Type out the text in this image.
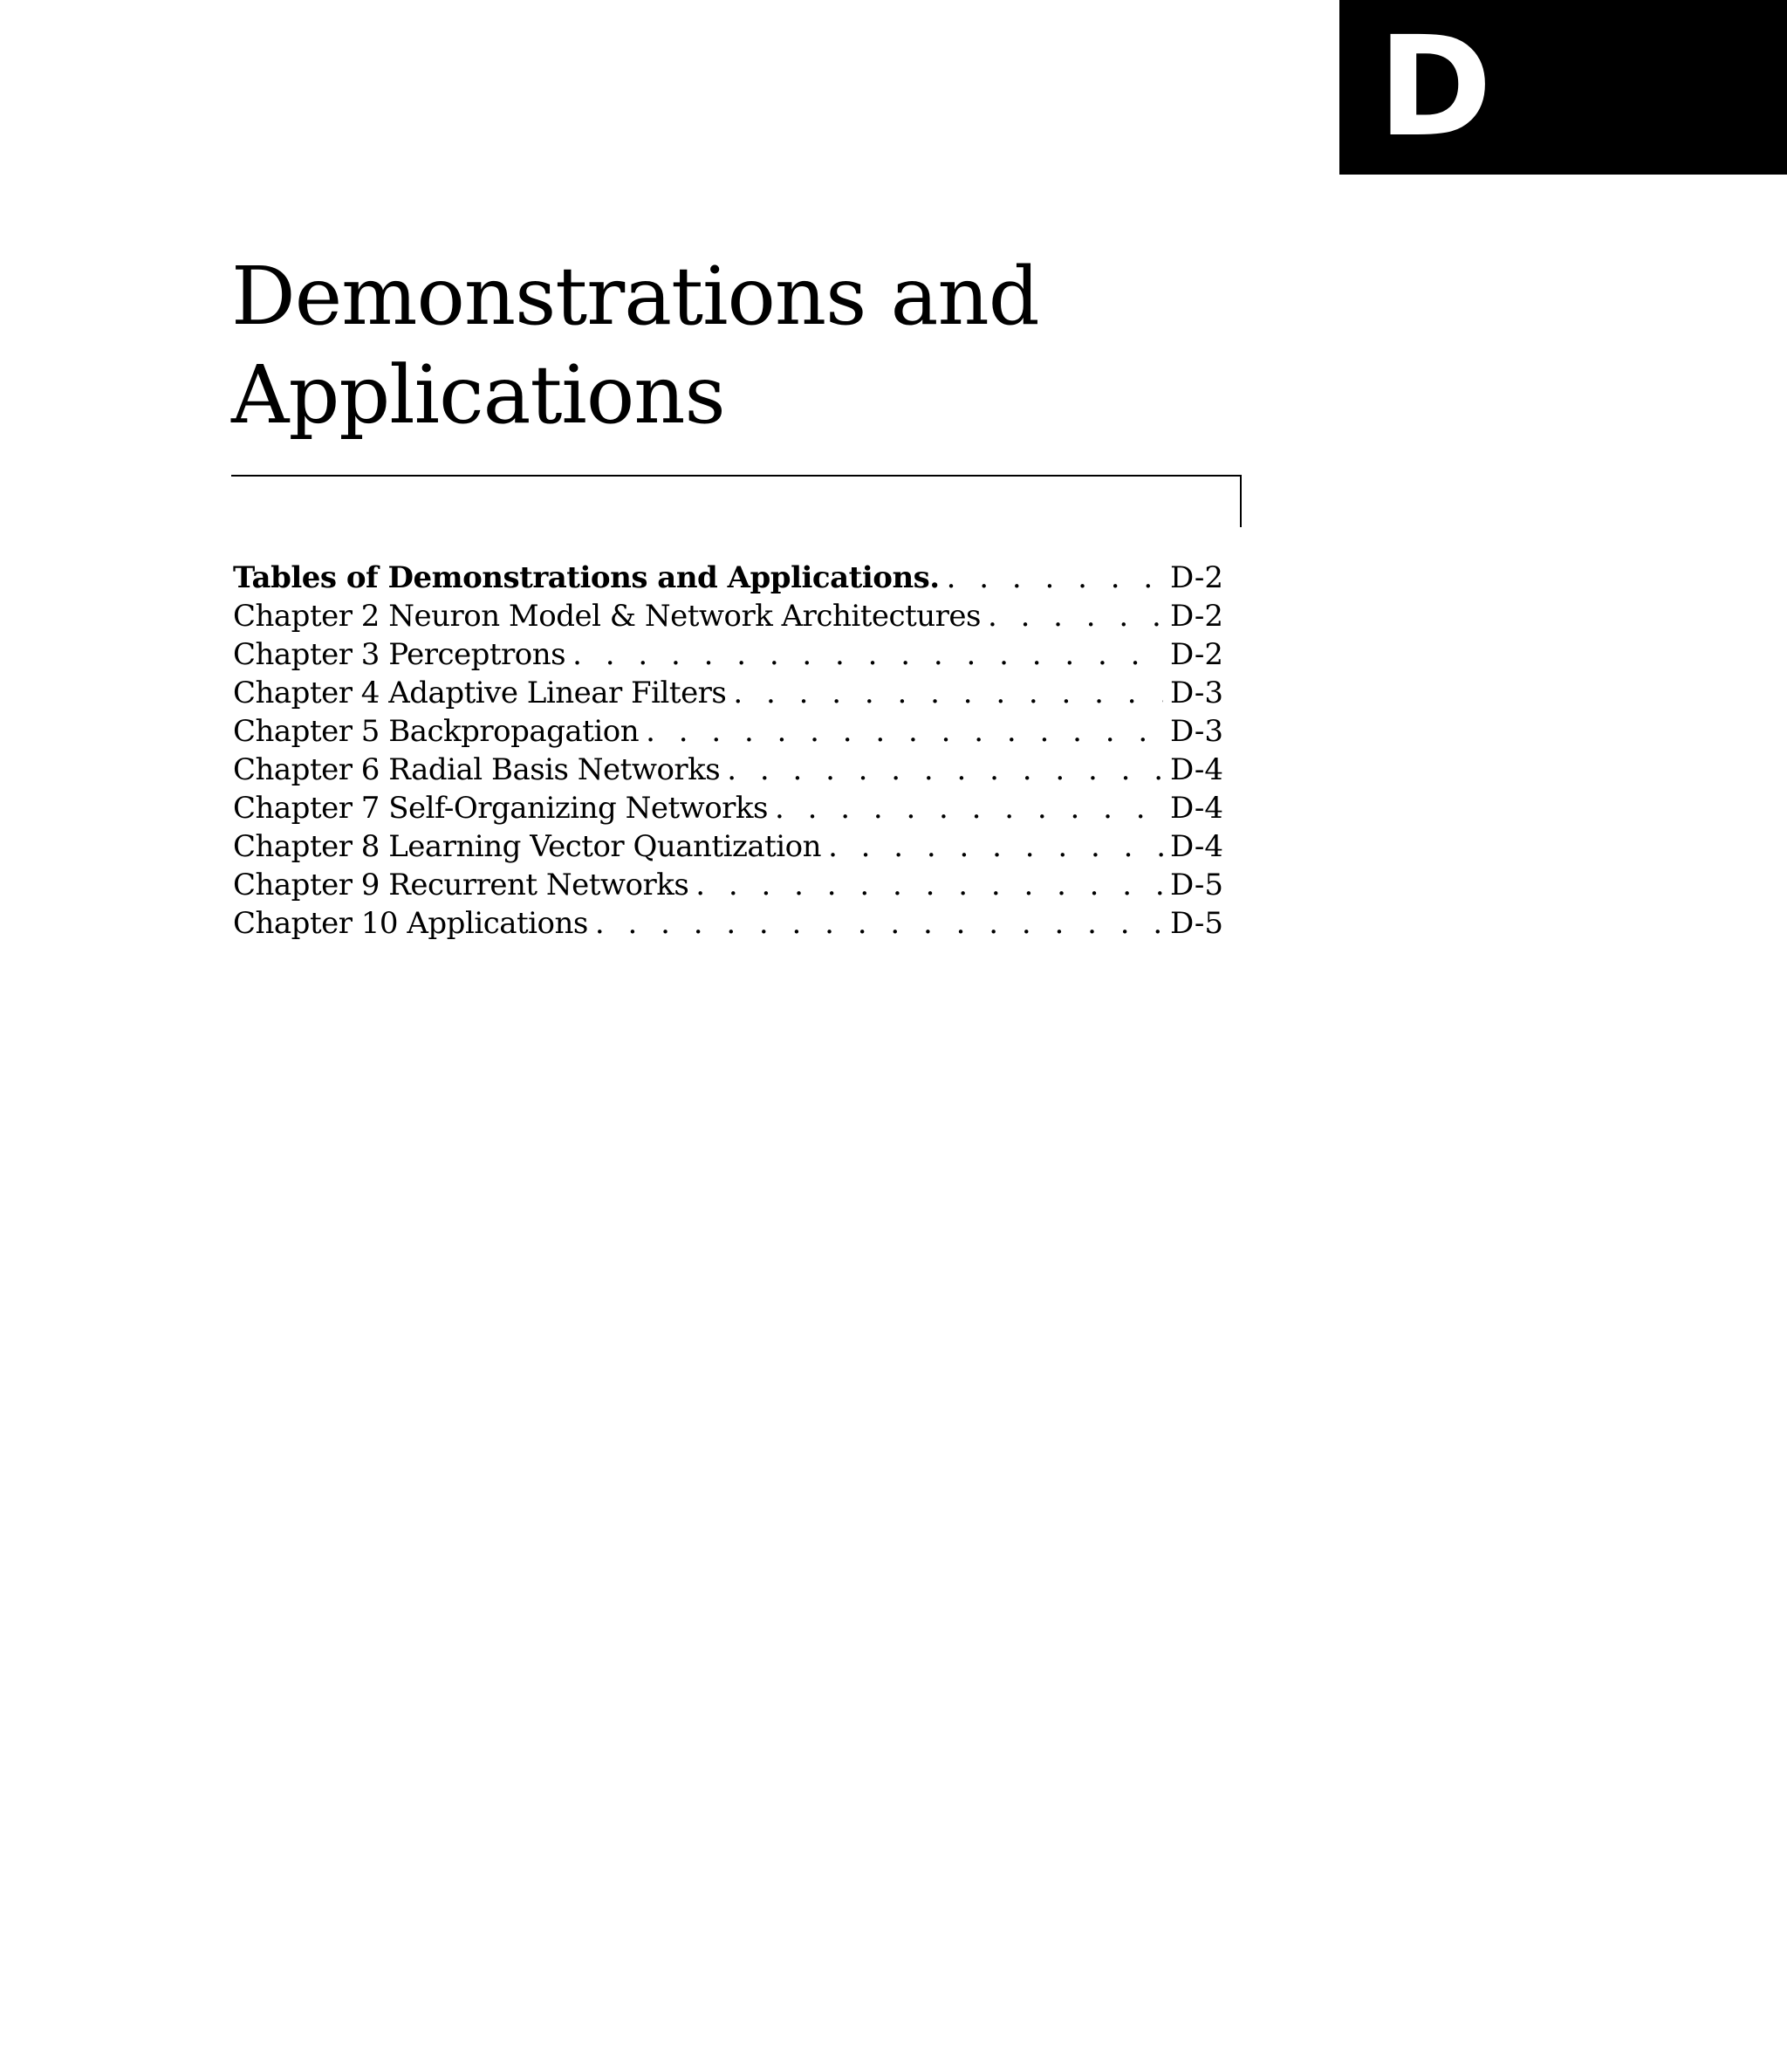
D
Demonstrations and Applications
Tables of Demonstrations and Applications. . . .	D-2
Chapter 2 Neuron Model & Network Architectures . . .	D-2
Chapter 3 Perceptrons . . .	D-2
Chapter 4 Adaptive Linear Filters . . .	D-3
Chapter 5 Backpropagation . . .	D-3
Chapter 6 Radial Basis Networks . . .	D-4
Chapter 7 Self-Organizing Networks . . .	D-4
Chapter 8 Learning Vector Quantization . . .	D-4
Chapter 9 Recurrent Networks . . .	D-5
Chapter 10 Applications . . .	D-5
